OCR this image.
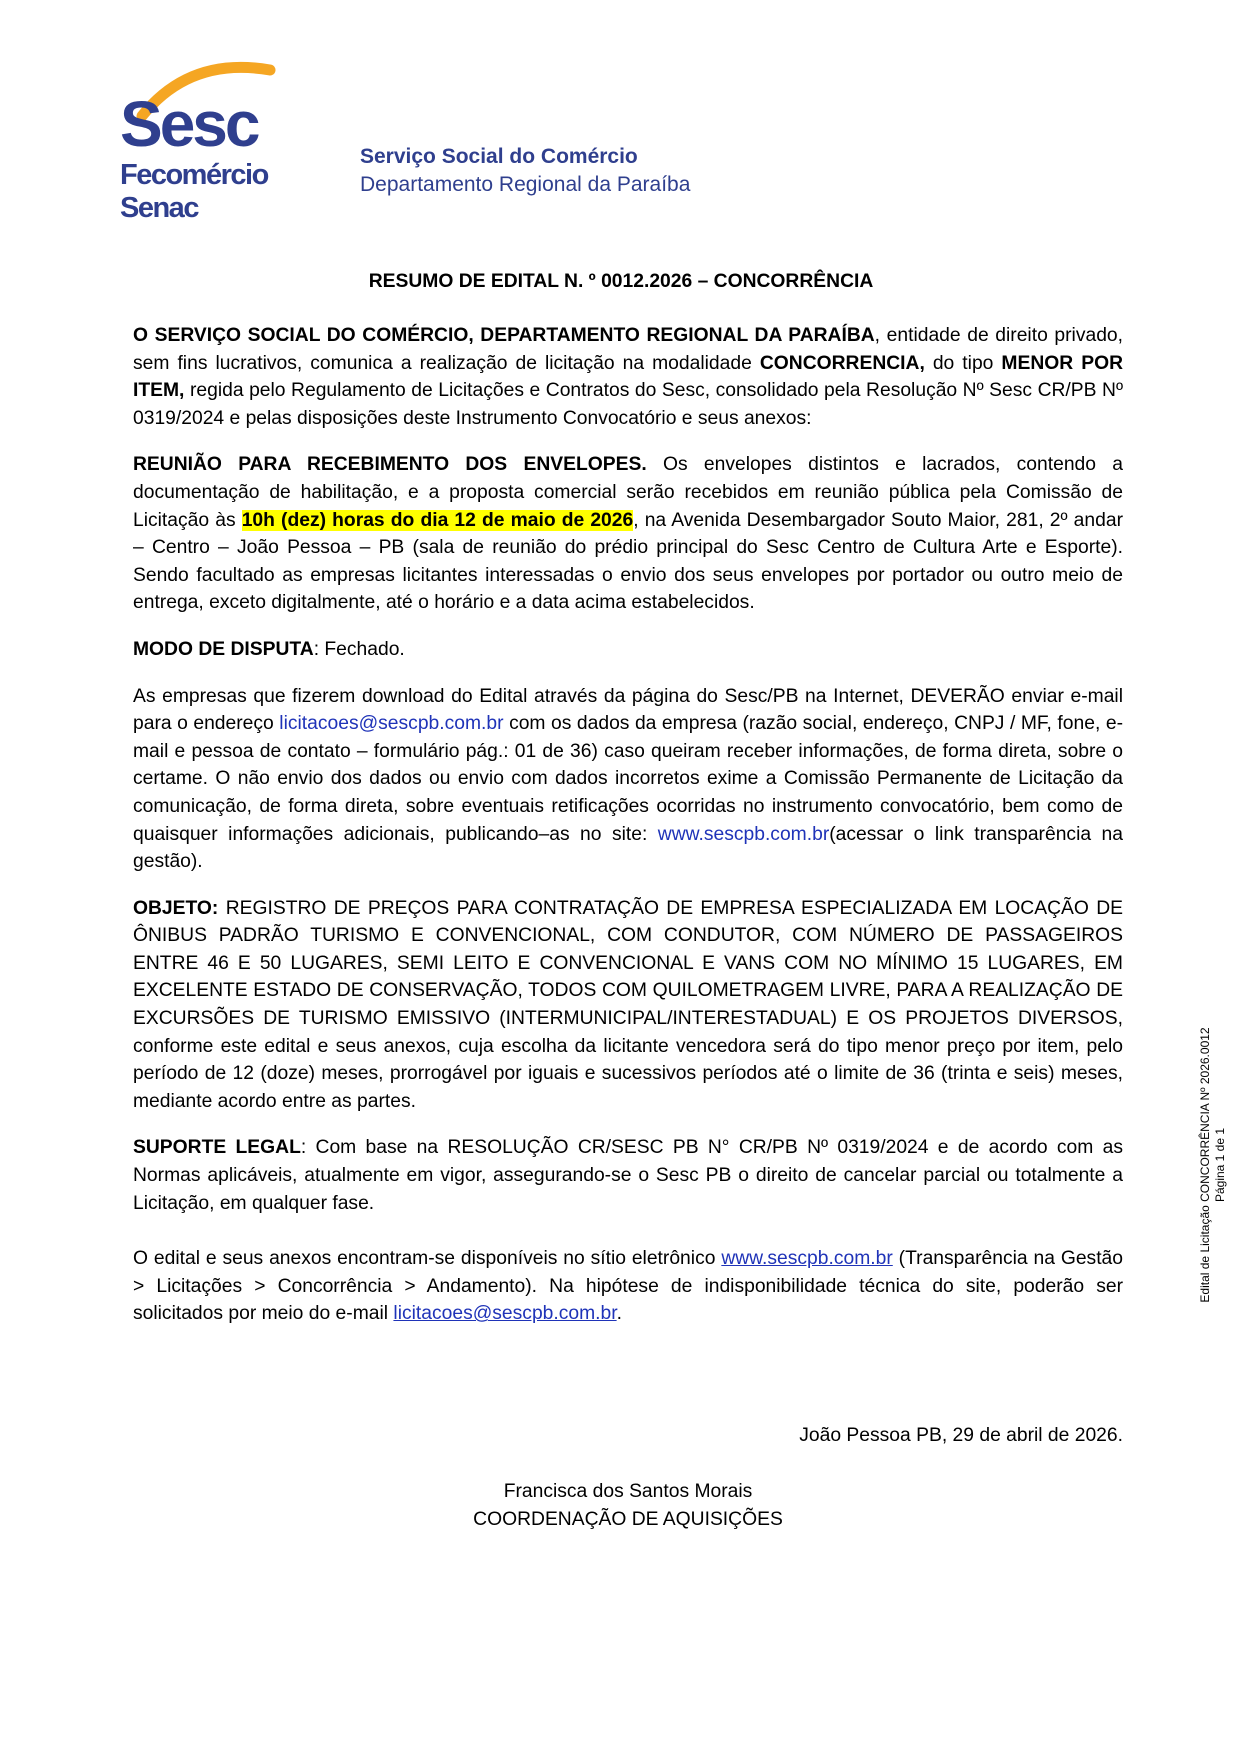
Sesc
Fecomércio
Senac
Serviço Social do Comércio
Departamento Regional da Paraíba
RESUMO DE EDITAL N. º 0012.2026 – CONCORRÊNCIA

O SERVIÇO SOCIAL DO COMÉRCIO, DEPARTAMENTO REGIONAL DA PARAÍBA, entidade de direito privado, sem fins lucrativos, comunica a realização de licitação na modalidade CONCORRENCIA, do tipo MENOR POR ITEM, regida pelo Regulamento de Licitações e Contratos do Sesc, consolidado pela Resolução Nº Sesc CR/PB Nº 0319/2024 e pelas disposições deste Instrumento Convocatório e seus anexos:

REUNIÃO PARA RECEBIMENTO DOS ENVELOPES. Os envelopes distintos e lacrados, contendo a documentação de habilitação, e a proposta comercial serão recebidos em reunião pública pela Comissão de Licitação às 10h (dez) horas do dia 12 de maio de 2026, na Avenida Desembargador Souto Maior, 281, 2º andar – Centro – João Pessoa – PB (sala de reunião do prédio principal do Sesc Centro de Cultura Arte e Esporte). Sendo facultado as empresas licitantes interessadas o envio dos seus envelopes por portador ou outro meio de entrega, exceto digitalmente, até o horário e a data acima estabelecidos.

MODO DE DISPUTA: Fechado.

As empresas que fizerem download do Edital através da página do Sesc/PB na Internet, DEVERÃO enviar e-mail para o endereço licitacoes@sescpb.com.br com os dados da empresa (razão social, endereço, CNPJ / MF, fone, e-mail e pessoa de contato – formulário pág.: 01 de 36) caso queiram receber informações, de forma direta, sobre o certame. O não envio dos dados ou envio com dados incorretos exime a Comissão Permanente de Licitação da comunicação, de forma direta, sobre eventuais retificações ocorridas no instrumento convocatório, bem como de quaisquer informações adicionais, publicando–as no site: www.sescpb.com.br(acessar o link transparência na gestão).

OBJETO: REGISTRO DE PREÇOS PARA CONTRATAÇÃO DE EMPRESA ESPECIALIZADA EM LOCAÇÃO DE ÔNIBUS PADRÃO TURISMO E CONVENCIONAL, COM CONDUTOR, COM NÚMERO DE PASSAGEIROS ENTRE 46 E 50 LUGARES, SEMI LEITO E CONVENCIONAL E VANS COM NO MÍNIMO 15 LUGARES, EM EXCELENTE ESTADO DE CONSERVAÇÃO, TODOS COM QUILOMETRAGEM LIVRE, PARA A REALIZAÇÃO DE EXCURSÕES DE TURISMO EMISSIVO (INTERMUNICIPAL/INTERESTADUAL) E OS PROJETOS DIVERSOS, conforme este edital e seus anexos, cuja escolha da licitante vencedora será do tipo menor preço por item, pelo período de 12 (doze) meses, prorrogável por iguais e sucessivos períodos até o limite de 36 (trinta e seis) meses, mediante acordo entre as partes.

SUPORTE LEGAL: Com base na RESOLUÇÃO CR/SESC PB N° CR/PB Nº 0319/2024 e de acordo com as Normas aplicáveis, atualmente em vigor, assegurando-se o Sesc PB o direito de cancelar parcial ou totalmente a Licitação, em qualquer fase.

O edital e seus anexos encontram-se disponíveis no sítio eletrônico www.sescpb.com.br (Transparência na Gestão > Licitações > Concorrência > Andamento). Na hipótese de indisponibilidade técnica do site, poderão ser solicitados por meio do e-mail licitacoes@sescpb.com.br.

João Pessoa PB, 29 de abril de 2026.
Francisca dos Santos Morais
COORDENAÇÃO DE AQUISIÇÕES
Edital de Licitação CONCORRÊNCIA Nº 2026.0012 Página 1 de 1
